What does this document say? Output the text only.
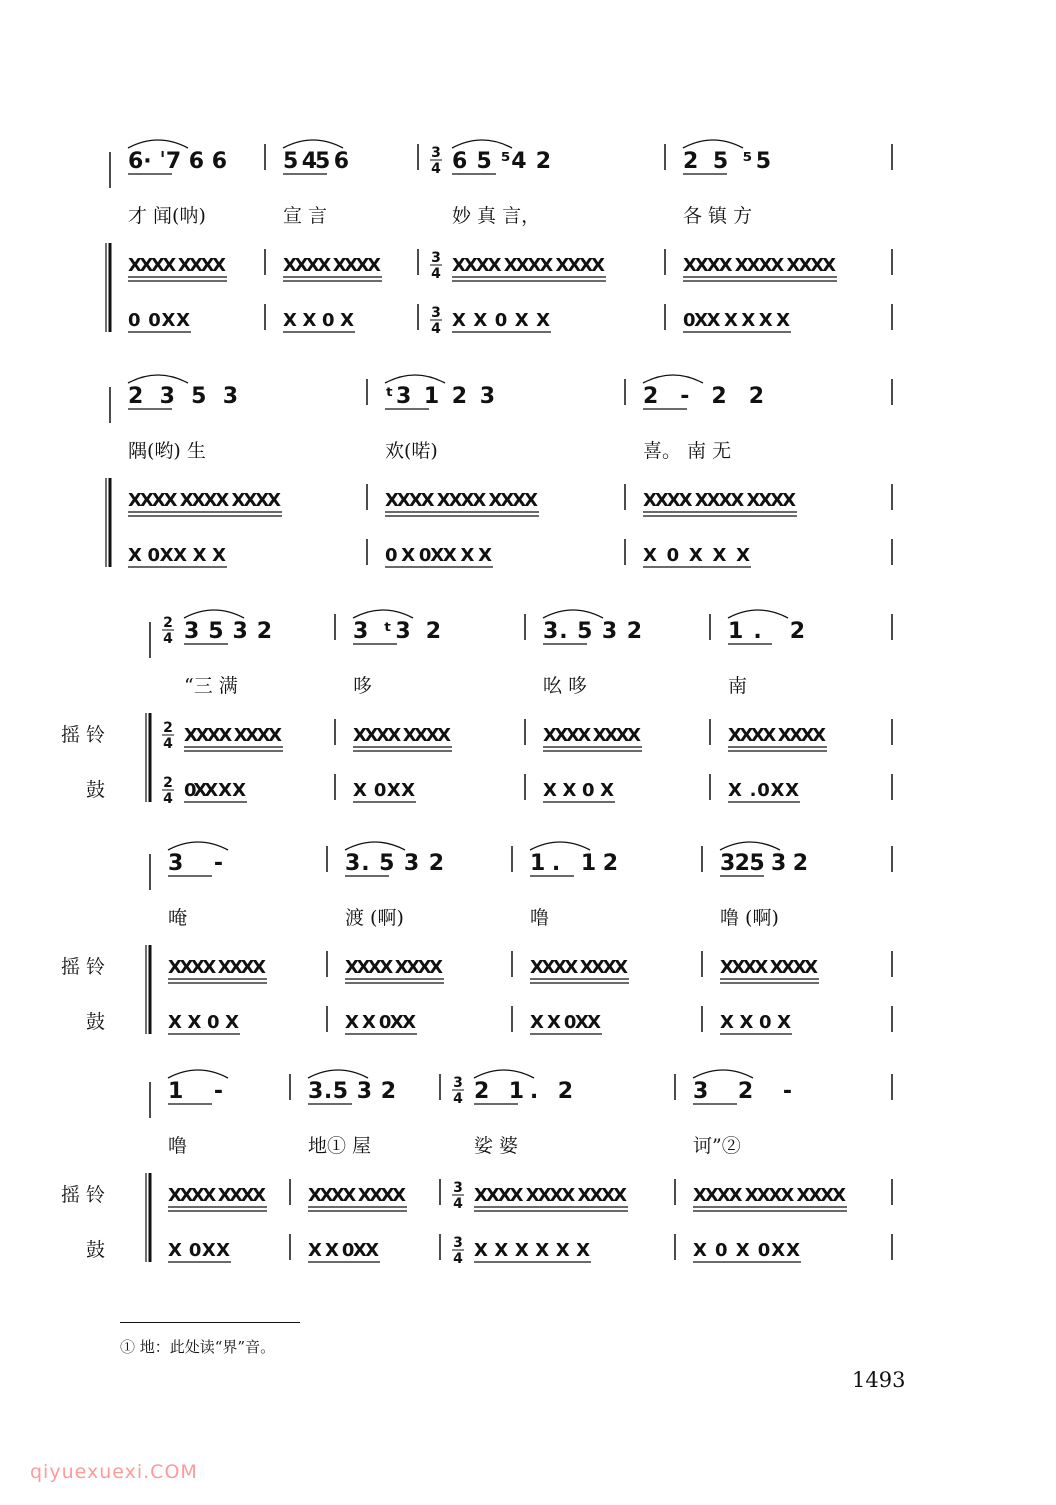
6· ˈ7 6 6
才 闻(呐)
XXXX XXXX
0 0XX
5 45 6
宣 言
XXXX XXXX
X X 0 X
3
4
3
4
3
4
6 5 ⁵4 2
妙 真 言，
XXXX XXXX XXXX
X X 0 X X
2 5 ⁵5
各 镇 方
XXXX XXXX XXXX
0XX X X X X
2 3 5 3
隅(哟) 生
XXXX XXXX XXXX
X 0XX X X
ᵗ3 1 2 3
欢(喏)
XXXX XXXX XXXX
0 X 0XX X X
2 - 2 2
喜。 南 无
XXXX XXXX XXXX
X 0 X X X
摇 铃
鼓
2
4
2
4
2
4
3 5 3 2
“三 满
XXXX XXXX
0XX X X
3 ᵗ3 2
哆
XXXX XXXX
X 0XX
3. 5 3 2
吆 哆
XXXX XXXX
X X 0 X
1. 2
南
XXXX XXXX
X .0XX
摇 铃
鼓
3 -
唵
XXXX XXXX
X X 0 X
3. 5 3 2
渡 (啊)
XXXX XXXX
X X 0XX
1. 12
噜
XXXX XXXX
X X 0XX
325 3 2
噜 (啊)
XXXX XXXX
X X 0 X
摇 铃
鼓
1 -
噜
XXXX XXXX
X 0XX
3.5 3 2
地① 屋
XXXX XXXX
X X 0XX
3
4
3
4
3
4
2 1. 2
娑 婆
XXXX XXXX XXXX
X X X X X X
3 2 -
诃”②
XXXX XXXX XXXX
X 0 X 0XX
① 地：此处读“界”音。
1493
qiyuexuexi.COM
